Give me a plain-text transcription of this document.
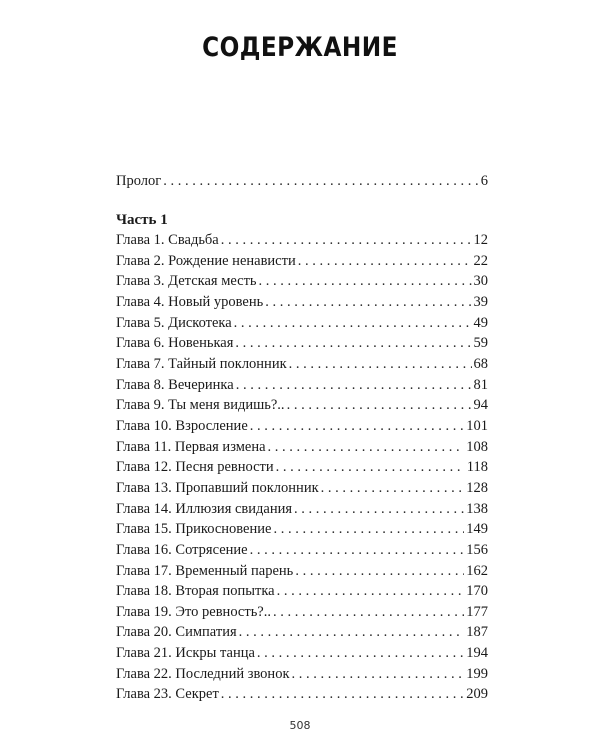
СОДЕРЖАНИЕ
Пролог . . .	6
Часть 1
Глава 1. Свадьба . . .	12
Глава 2. Рождение ненависти . . .	22
Глава 3. Детская месть . . .	30
Глава 4. Новый уровень . . .	39
Глава 5. Дискотека . . .	49
Глава 6. Новенькая . . .	59
Глава 7. Тайный поклонник . . .	68
Глава 8. Вечеринка . . .	81
Глава 9. Ты меня видишь?.. . . .	94
Глава 10. Взросление . . .	101
Глава 11. Первая измена . . .	108
Глава 12. Песня ревности . . .	118
Глава 13. Пропавший поклонник . . .	128
Глава 14. Иллюзия свидания . . .	138
Глава 15. Прикосновение . . .	149
Глава 16. Сотрясение . . .	156
Глава 17. Временный парень . . .	162
Глава 18. Вторая попытка . . .	170
Глава 19. Это ревность?.. . . .	177
Глава 20. Симпатия . . .	187
Глава 21. Искры танца . . .	194
Глава 22. Последний звонок . . .	199
Глава 23. Секрет . . .	209
508
